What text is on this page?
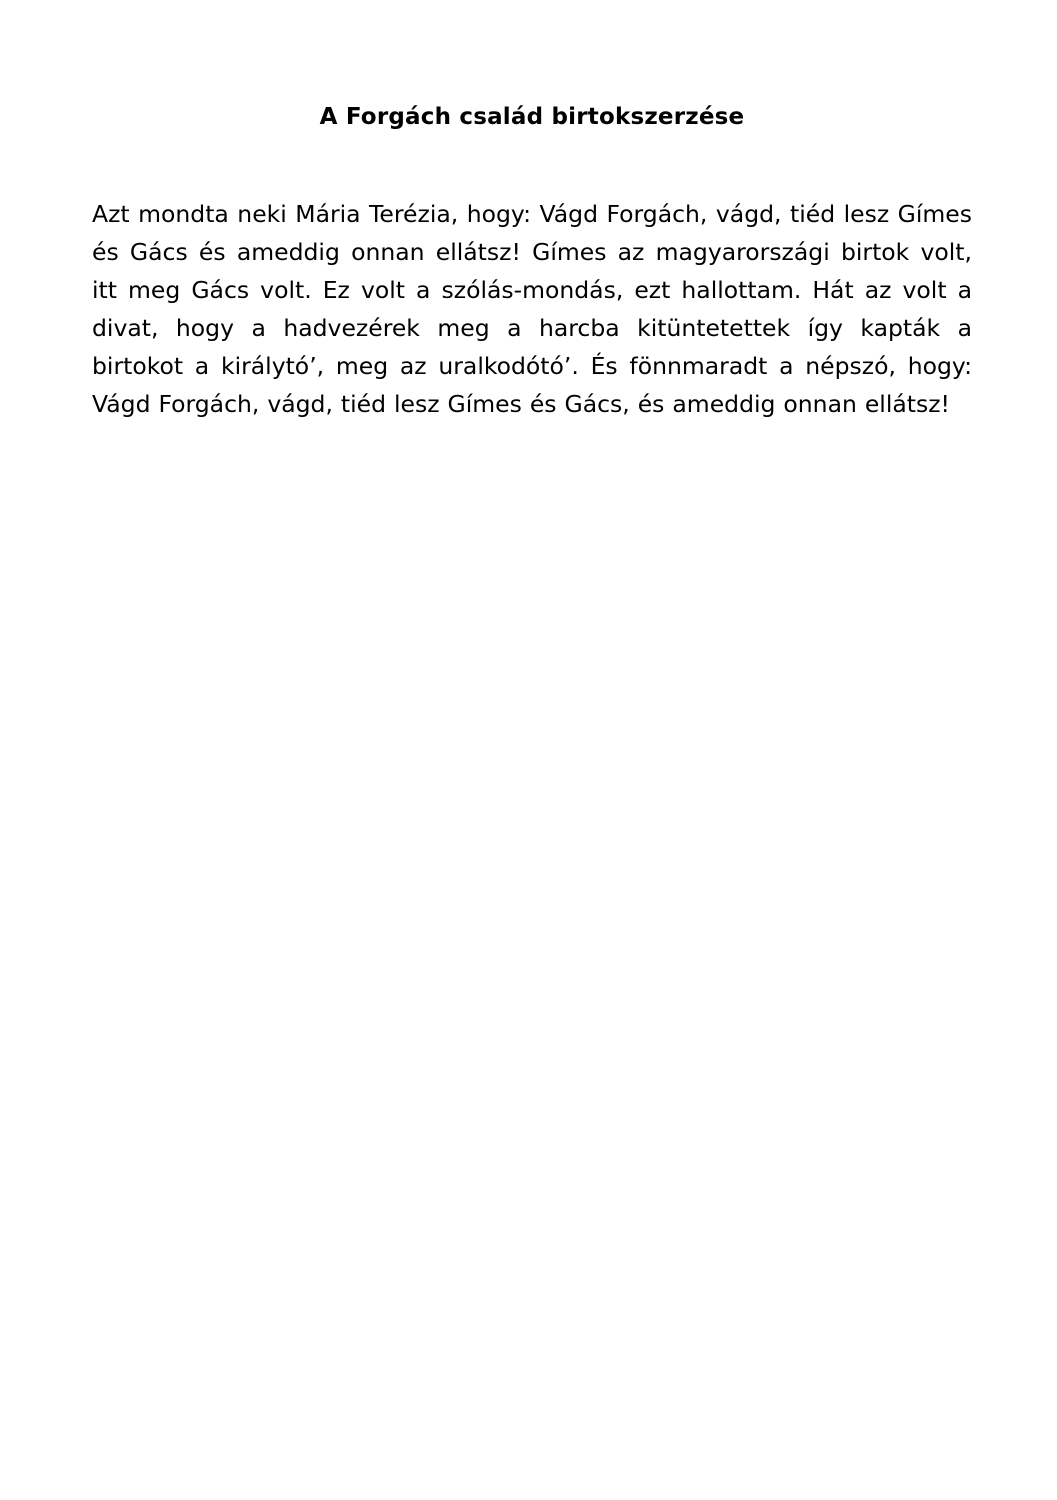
A Forgách család birtokszerzése

Azt mondta neki Mária Terézia, hogy: Vágd Forgách, vágd, tiéd lesz Gímes és Gács és ameddig onnan ellátsz! Gímes az magyarországi birtok volt, itt meg Gács volt. Ez volt a szólás-mondás, ezt hallottam. Hát az volt a divat, hogy a hadvezérek meg a harcba kitüntetettek így kapták a birtokot a királytó’, meg az uralkodótó’. És fönnmaradt a népszó, hogy: Vágd Forgách, vágd, tiéd lesz Gímes és Gács, és ameddig onnan ellátsz!
